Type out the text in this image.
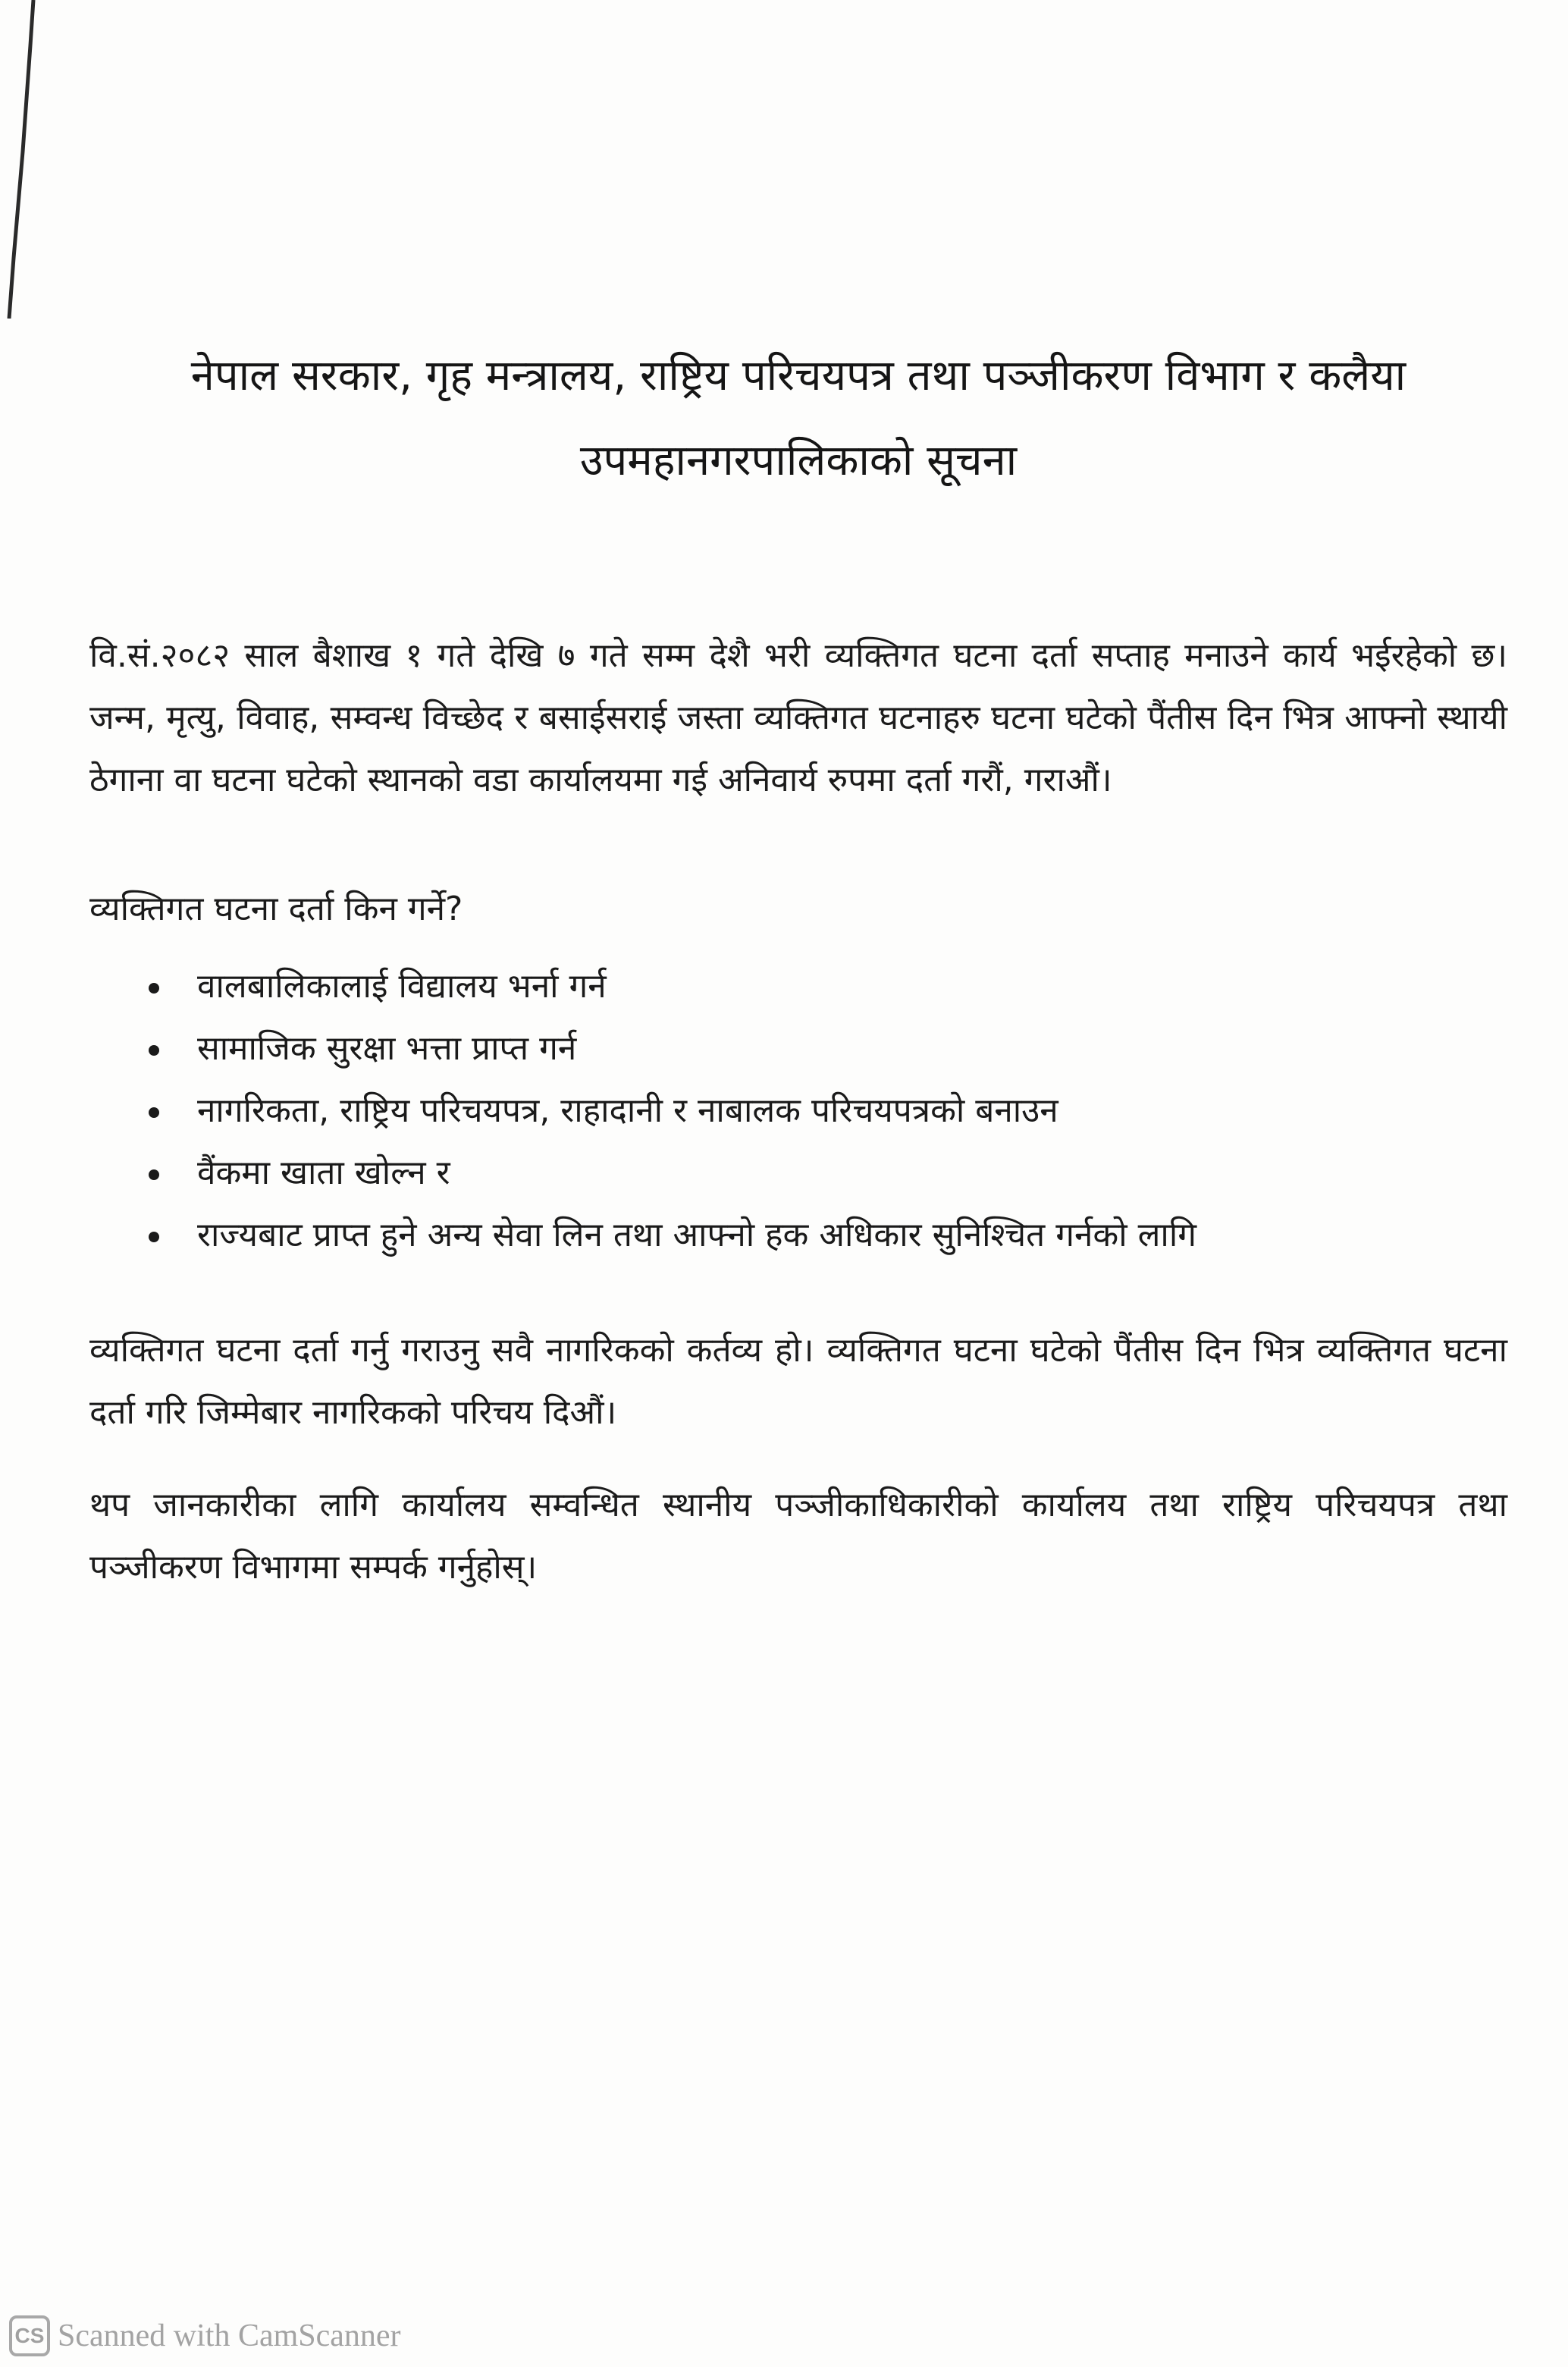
नेपाल सरकार, गृह मन्त्रालय, राष्ट्रिय परिचयपत्र तथा पञ्जीकरण विभाग र कलैया
उपमहानगरपालिकाको सूचना

वि.सं.२०८२ साल बैशाख १ गते देखि ७ गते सम्म देशै भरी व्यक्तिगत घटना दर्ता सप्ताह मनाउने कार्य भईरहेको छ। जन्म, मृत्यु, विवाह, सम्वन्ध विच्छेद र बसाईसराई जस्ता व्यक्तिगत घटनाहरु घटना घटेको पैंतीस दिन भित्र आफ्नो स्थायी ठेगाना वा घटना घटेको स्थानको वडा कार्यालयमा गई अनिवार्य रुपमा दर्ता गरौं, गराऔं।

व्यक्तिगत घटना दर्ता किन गर्ने?
वालबालिकालाई विद्यालय भर्ना गर्न
सामाजिक सुरक्षा भत्ता प्राप्त गर्न
नागरिकता, राष्ट्रिय परिचयपत्र, राहादानी र नाबालक परिचयपत्रको बनाउन
वैंकमा खाता खोल्न र
राज्यबाट प्राप्त हुने अन्य सेवा लिन तथा आफ्नो हक अधिकार सुनिश्चित गर्नको लागि

व्यक्तिगत घटना दर्ता गर्नु गराउनु सवै नागरिकको कर्तव्य हो। व्यक्तिगत घटना घटेको पैंतीस दिन भित्र व्यक्तिगत घटना दर्ता गरि जिम्मेबार नागरिकको परिचय दिऔं।

थप जानकारीका लागि कार्यालय सम्वन्धित स्थानीय पञ्जीकाधिकारीको कार्यालय तथा राष्ट्रिय परिचयपत्र तथा पञ्जीकरण विभागमा सम्पर्क गर्नुहोस्।

CS Scanned with CamScanner
